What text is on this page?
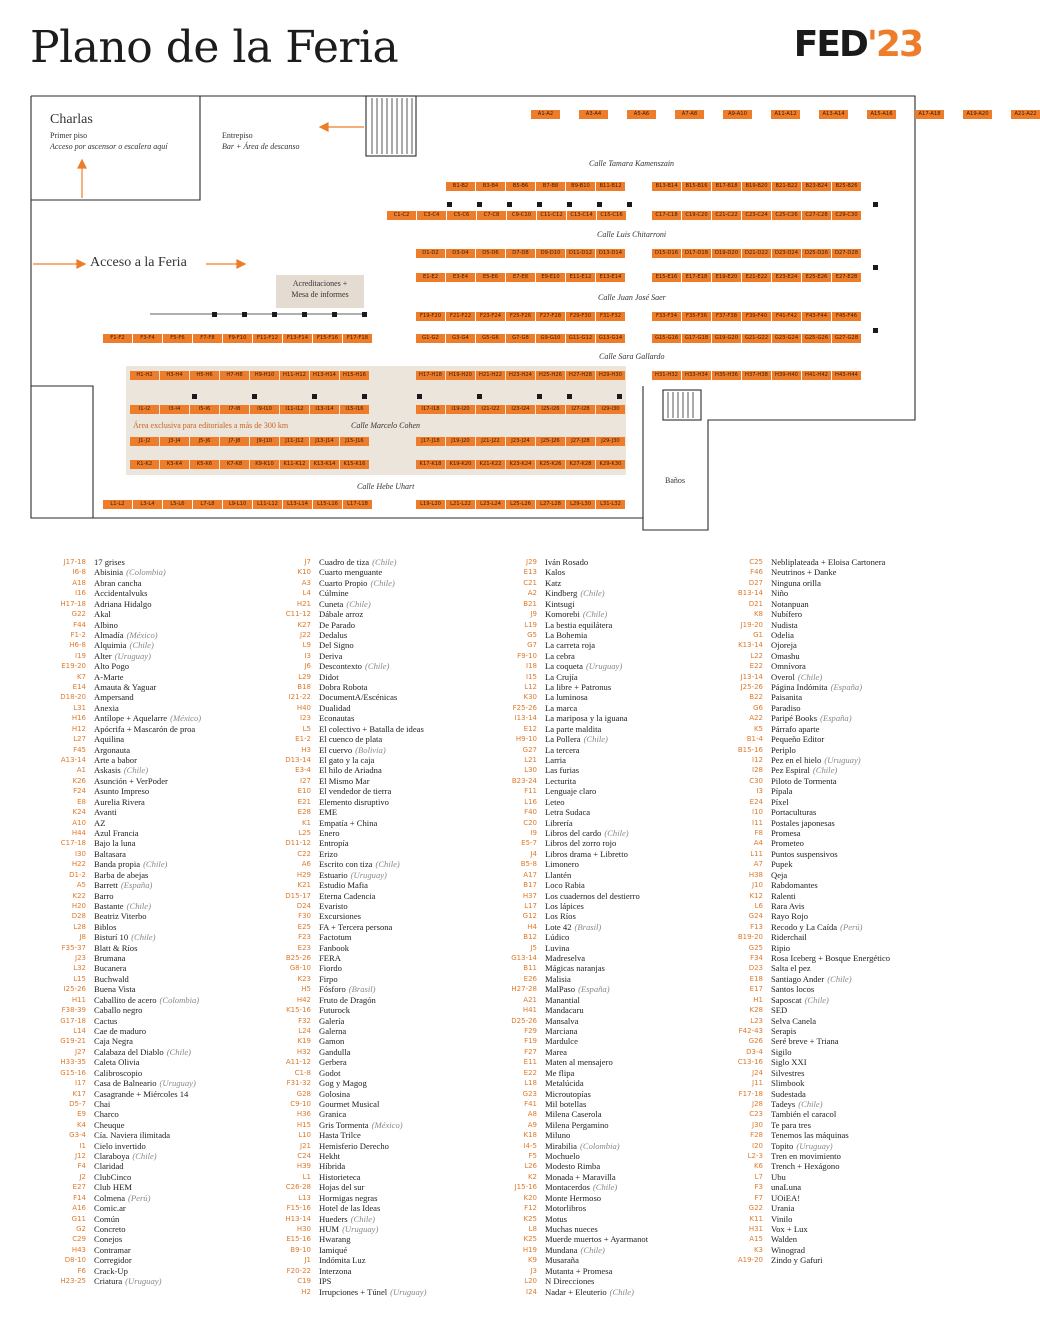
Plano de la Feria	FED'23
Acreditaciones +
Mesa de informes
Charlas
Primer piso
Acceso por ascensor o escalera aquí
Entrepiso
Bar + Área de descanso
Acceso a la Feria
Área exclusiva para editoriales a más de 300 km
Baños
Calle Tamara Kamenszain
Calle Luis Chitarroni
Calle Juan José Saer
Calle Sara Gallardo
Calle Marcelo Cohen
Calle Hebe Uhart
A1-A2	A3-A4	A5-A6	A7-A8	A9-A10	A11-A12	A13-A14	A15-A16	A17-A18	A19-A20	A21-A22
B1-B2	B3-B4	B5-B6	B7-B8	B9-B10	B11-B12	B13-B14	B15-B16	B17-B18	B19-B20	B21-B22	B23-B24	B25-B26
C1-C2	C3-C4	C5-C6	C7-C8	C9-C10	C11-C12	C13-C14	C15-C16	C17-C18	C19-C20	C21-C22	C23-C24	C25-C26	C27-C28	C29-C30
D1-D2	D3-D4	D5-D6	D7-D8	D9-D10	D11-D12	D13-D14	D15-D16	D17-D18	D19-D20	D21-D22	D23-D24	D25-D26	D27-D28
E1-E2	E3-E4	E5-E6	E7-E8	E9-E10	E11-E12	E13-E14	E15-E16	E17-E18	E19-E20	E21-E22	E23-E24	E25-E26	E27-E28
F19-F20	F21-F22	F23-F24	F25-F26	F27-F28	F29-F30	F31-F32	F33-F34	F35-F36	F37-F38	F39-F40	F41-F42	F43-F44	F45-F46
F1-F2	F3-F4	F5-F6	F7-F8	F9-F10	F11-F12	F13-F14	F15-F16	F17-F18	G1-G2	G3-G4	G5-G6	G7-G8	G9-G10	G11-G12	G13-G14	G15-G16	G17-G18	G19-G20	G21-G22	G23-G24	G25-G26	G27-G28
H1-H2	H3-H4	H5-H6	H7-H8	H9-H10	H11-H12	H13-H14	H15-H16	H17-H18	H19-H20	H21-H22	H23-H24	H25-H26	H27-H28	H29-H30	H31-H32	H33-H34	H35-H36	H37-H38	H39-H40	H41-H42	H43-H44
I1-I2	I3-I4	I5-I6	I7-I8	I9-I10	I11-I12	I13-I14	I15-I16	I17-I18	I19-I20	I21-I22	I23-I24	I25-I26	I27-I28	I29-I30
J1-J2	J3-J4	J5-J6	J7-J8	J9-J10	J11-J12	J13-J14	J15-J16	J17-J18	J19-J20	J21-J22	J23-J24	J25-J26	J27-J28	J29-J30
K1-K2	K3-K4	K5-K6	K7-K8	K9-K10	K11-K12	K13-K14	K15-K16	K17-K18	K19-K20	K21-K22	K23-K24	K25-K26	K27-K28	K29-K30
L1-L2	L3-L4	L5-L6	L7-L8	L9-L10	L11-L12	L13-L14	L15-L16	L17-L18	L19-L20	L21-L22	L23-L24	L25-L26	L27-L28	L29-L30	L31-L32
J17-18 17 grises
I6-8 Abisinia (Colombia)
A18 Abran cancha
I16 Accidentalvuks
H17-18 Adriana Hidalgo
G22 Akal
F44 Albino
F1-2 Almadía (México)
H6-8 Alquimia (Chile)
I19 Alter (Uruguay)
E19-20 Alto Pogo
K7 A-Marte
E14 Amauta & Yaguar
D18-20 Ampersand
L31 Anexia
H16 Antílope + Aquelarre (México)
H12 Apócrifa + Mascarón de proa
L27 Aquilina
F45 Argonauta
A13-14 Arte a babor
A1 Askasis (Chile)
K26 Asunción + VerPoder
F24 Asunto Impreso
E8 Aurelia Rivera
K24 Avanti
A10 AZ
H44 Azul Francia
C17-18 Bajo la luna
I30 Baltasara
H22 Banda propia (Chile)
D1-2 Barba de abejas
A5 Barrett (España)
K22 Barro
H20 Bastante (Chile)
D28 Beatriz Viterbo
L28 Biblos
J8 Bisturí 10 (Chile)
F35-37 Blatt & Ríos
J23 Brumana
L32 Bucanera
L15 Buchwald
I25-26 Buena Vista
H11 Caballito de acero (Colombia)
F38-39 Caballo negro
G17-18 Cactus
L14 Cae de maduro
G19-21 Caja Negra
J27 Calabaza del Diablo (Chile)
H33-35 Caleta Olivia
G15-16 Calibroscopio
I17 Casa de Balneario (Uruguay)
K17 Casagrande + Miércoles 14
D5-7 Chai
E9 Charco
K4 Cheuque
G3-4 Cía. Naviera ilimitada
I1 Cielo invertido
J12 Claraboya (Chile)
F4 Claridad
J2 ClubCinco
E27 Club HEM
F14 Colmena (Perú)
A16 Comic.ar
G11 Común
G2 Concreto
C29 Conejos
H43 Contramar
D8-10 Corregidor
F6 Crack-Up
H23-25 Criatura (Uruguay)
J7 Cuadro de tiza (Chile)
K10 Cuarto menguante
A3 Cuarto Propio (Chile)
L4 Cúlmine
H21 Cuneta (Chile)
C11-12 Dábale arroz
K27 De Parado
J22 Dedalus
L9 Del Signo
I3 Deriva
J6 Descontexto (Chile)
L29 Didot
B18 Dobra Robota
I21-22 DocumentA/Escénicas
H40 Dualidad
I23 Econautas
L5 El colectivo + Batalla de ideas
E1-2 El cuenco de plata
H3 El cuervo (Bolivia)
D13-14 El gato y la caja
E3-4 El hilo de Ariadna
I27 El Mismo Mar
E10 El vendedor de tierra
E21 Elemento disruptivo
E28 EME
K1 Empatía + China
L25 Enero
D11-12 Entropía
C22 Erizo
A6 Escrito con tiza (Chile)
H29 Estuario (Uruguay)
K21 Estudio Mafia
D15-17 Eterna Cadencia
D24 Evaristo
F30 Excursiones
E25 FA + Tercera persona
F23 Factotum
E23 Fanbook
B25-26 FERA
G8-10 Fiordo
K23 Firpo
H5 Fósforo (Brasil)
H42 Fruto de Dragón
K15-16 Futurock
F32 Galería
L24 Galerna
K19 Gamon
H32 Gandulla
A11-12 Gerbera
C1-8 Godot
F31-32 Gog y Magog
G28 Golosina
C9-10 Gourmet Musical
H36 Granica
H15 Gris Tormenta (México)
L10 Hasta Trilce
J21 Hemisferio Derecho
C24 Hekht
H39 Híbrida
L1 Historieteca
C26-28 Hojas del sur
L13 Hormigas negras
F15-16 Hotel de las Ideas
H13-14 Hueders (Chile)
H30 HUM (Uruguay)
E15-16 Hwarang
B9-10 Iamiqué
J1 Indómita Luz
F20-22 Interzona
C19 IPS
H2 Irrupciones + Túnel (Uruguay)
J29 Iván Rosado
E13 Kalos
C21 Katz
A2 Kindberg (Chile)
B21 Kintsugi
J9 Komorebi (Chile)
L19 La bestia equilátera
G5 La Bohemia
G7 La carreta roja
F9-10 La cebra
I18 La coqueta (Uruguay)
I15 La Crujía
L12 La libre + Patronus
K30 La luminosa
F25-26 La marca
I13-14 La mariposa y la iguana
E12 La parte maldita
H9-10 La Pollera (Chile)
G27 La tercera
L21 Larria
L30 Las furias
B23-24 Lecturita
F11 Lenguaje claro
L16 Leteo
F40 Letra Sudaca
C20 Librería
I9 Libros del cardo (Chile)
E5-7 Libros del zorro rojo
J4 Libros drama + Libretto
B5-8 Limonero
A17 Llantén
B17 Loco Rabia
H37 Los cuadernos del destierro
L17 Los lápices
G12 Los Ríos
H4 Lote 42 (Brasil)
B12 Lúdico
J5 Luvina
G13-14 Madreselva
B11 Mágicas naranjas
E26 Malisia
H27-28 MalPaso (España)
A21 Manantial
H41 Mandacaru
D25-26 Mansalva
F29 Marciana
F19 Mardulce
F27 Marea
E11 Maten al mensajero
E22 Me flipa
L18 Metalúcida
G23 Microutopías
F41 Mil botellas
A8 Milena Caserola
A9 Milena Pergamino
K18 Miluno
I4-5 Mirabilia (Colombia)
F5 Mochuelo
L26 Modesto Rimba
K2 Monada + Maravilla
J15-16 Montacerdos (Chile)
K20 Monte Hermoso
F12 Motorlibros
K25 Motus
L8 Muchas nueces
K25 Muerde muertos + Ayarmanot
H19 Mundana (Chile)
K9 Musaraña
J3 Mutanta + Promesa
L20 N Direcciones
I24 Nadar + Eleuterio (Chile)
C25 Nebliplateada + Eloisa Cartonera
F46 Neutrinos + Danke
D27 Ninguna orilla
B13-14 Niño
D21 Notanpuan
K8 Nubífero
J19-20 Nudista
G1 Odelia
K13-14 Ojoreja
L22 Omashu
E22 Omnívora
J13-14 Overol (Chile)
J25-26 Página Indómita (España)
B22 Paisanita
G6 Paradiso
A22 Paripé Books (España)
K5 Párrafo aparte
B1-4 Pequeño Editor
B15-16 Periplo
I12 Pez en el hielo (Uruguay)
I28 Pez Espiral (Chile)
C30 Piloto de Tormenta
I3 Pípala
E24 Píxel
I10 Portaculturas
I11 Postales japonesas
F8 Promesa
A4 Prometeo
L11 Puntos suspensivos
A7 Pupek
H38 Qeja
J10 Rabdomantes
K12 Ralenti
L6 Rara Avis
G24 Rayo Rojo
F13 Recodo y La Caída (Perú)
B19-20 Riderchail
G25 Ripio
F34 Rosa Iceberg + Bosque Energético
D23 Salta el pez
E18 Santiago Ander (Chile)
E17 Santos locos
H1 Saposcat (Chile)
K28 SED
L23 Selva Canela
F42-43 Serapis
G26 Seré breve + Triana
D3-4 Sigilo
C13-16 Siglo XXI
J24 Silvestres
J11 Slimbook
F17-18 Sudestada
J28 Tadeys (Chile)
C23 También el caracol
J30 Te para tres
F28 Tenemos las máquinas
I20 Topito (Uruguay)
L2-3 Tren en movimiento
K6 Trench + Hexágono
L7 Ubu
F3 unaLuna
F7 UOiEA!
G22 Urania
K11 Vinilo
H31 Vox + Lux
A15 Walden
K3 Winograd
A19-20 Zindo y Gafuri
